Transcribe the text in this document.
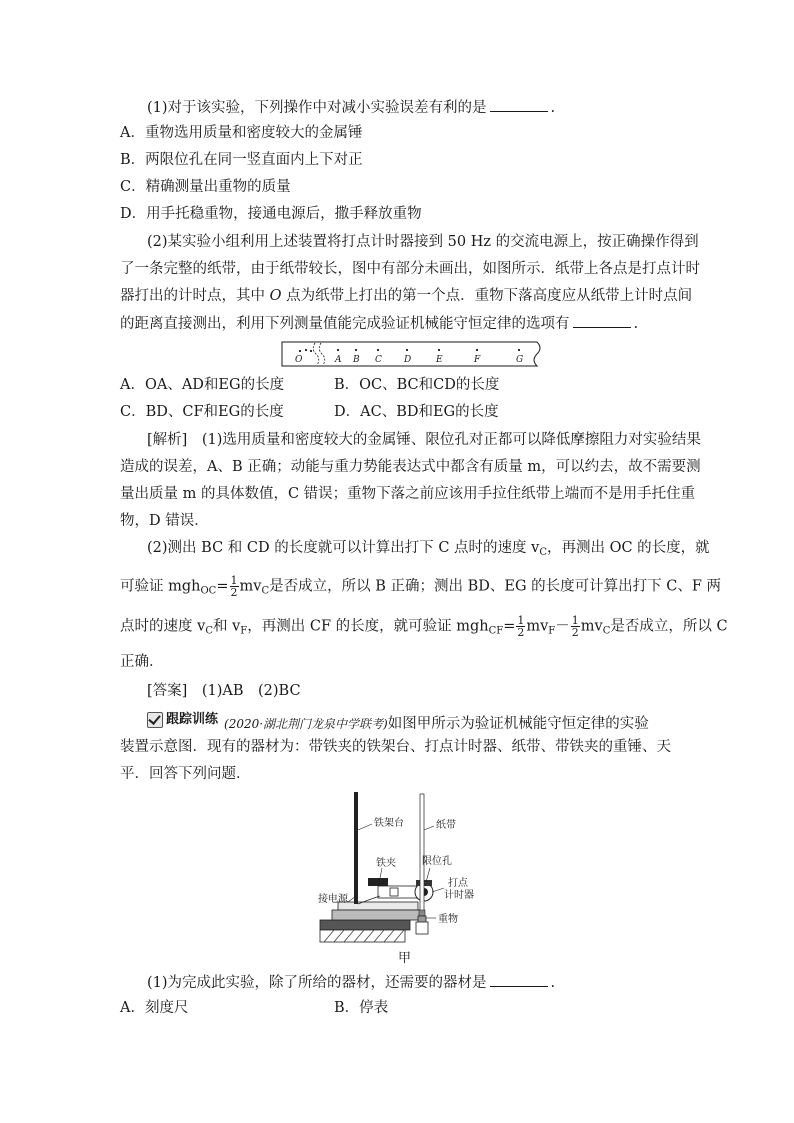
(1)对于该实验，下列操作中对减小实验误差有利的是	.
A．重物选用质量和密度较大的金属锤
B．两限位孔在同一竖直面内上下对正
C．精确测量出重物的质量
D．用手托稳重物，接通电源后，撒手释放重物
(2)某实验小组利用上述装置将打点计时器接到 50 Hz 的交流电源上，按正确操作得到
了一条完整的纸带，由于纸带较长，图中有部分未画出，如图所示．纸带上各点是打点计时
器打出的计时点，其中 O 点为纸带上打出的第一个点．重物下落高度应从纸带上计时点间
的距离直接测出，利用下列测量值能完成验证机械能守恒定律的选项有	.
O	A B C D	E	F	G
A．OA、AD和EG的长度	B．OC、BC和CD的长度
C．BD、CF和EG的长度	D．AC、BD和EG的长度
[解析]　(1)选用质量和密度较大的金属锤、限位孔对正都可以降低摩擦阻力对实验结果
造成的误差，A、B 正确；动能与重力势能表达式中都含有质量 m，可以约去，故不需要测
量出质量 m 的具体数值，C 错误；重物下落之前应该用手拉住纸带上端而不是用手托住重
物，D 错误．
(2)测出 BC 和 CD 的长度就可以计算出打下 C 点时的速度 $v_C$，再测出 OC 的长度，就
可验证 $mgh_{OC}= \frac{1}{2} mv_C$是否成立，所以 B 正确；测出 BD、EG 的长度可计算出打下 C、F 两
点时的速度 $v_C$和 $v_F$，再测出 CF 的长度，就可验证 $mgh_{CF}= \frac{1}{2} mv_F- \frac{1}{2} mv_C$是否成立，所以 C
正确．
[答案]　(1)AB　(2)BC
跟踪训练 (2020·湖北荆门龙泉中学联考)如图甲所示为验证机械能守恒定律的实验
装置示意图．现有的器材为：带铁夹的铁架台、打点计时器、纸带、带铁夹的重锤、天
平．回答下列问题．
铁架台	纸带
铁夹	限位孔
打点
计时器
接电源
重物
甲
(1)为完成此实验，除了所给的器材，还需要的器材是	.
A．刻度尺	B．停表
